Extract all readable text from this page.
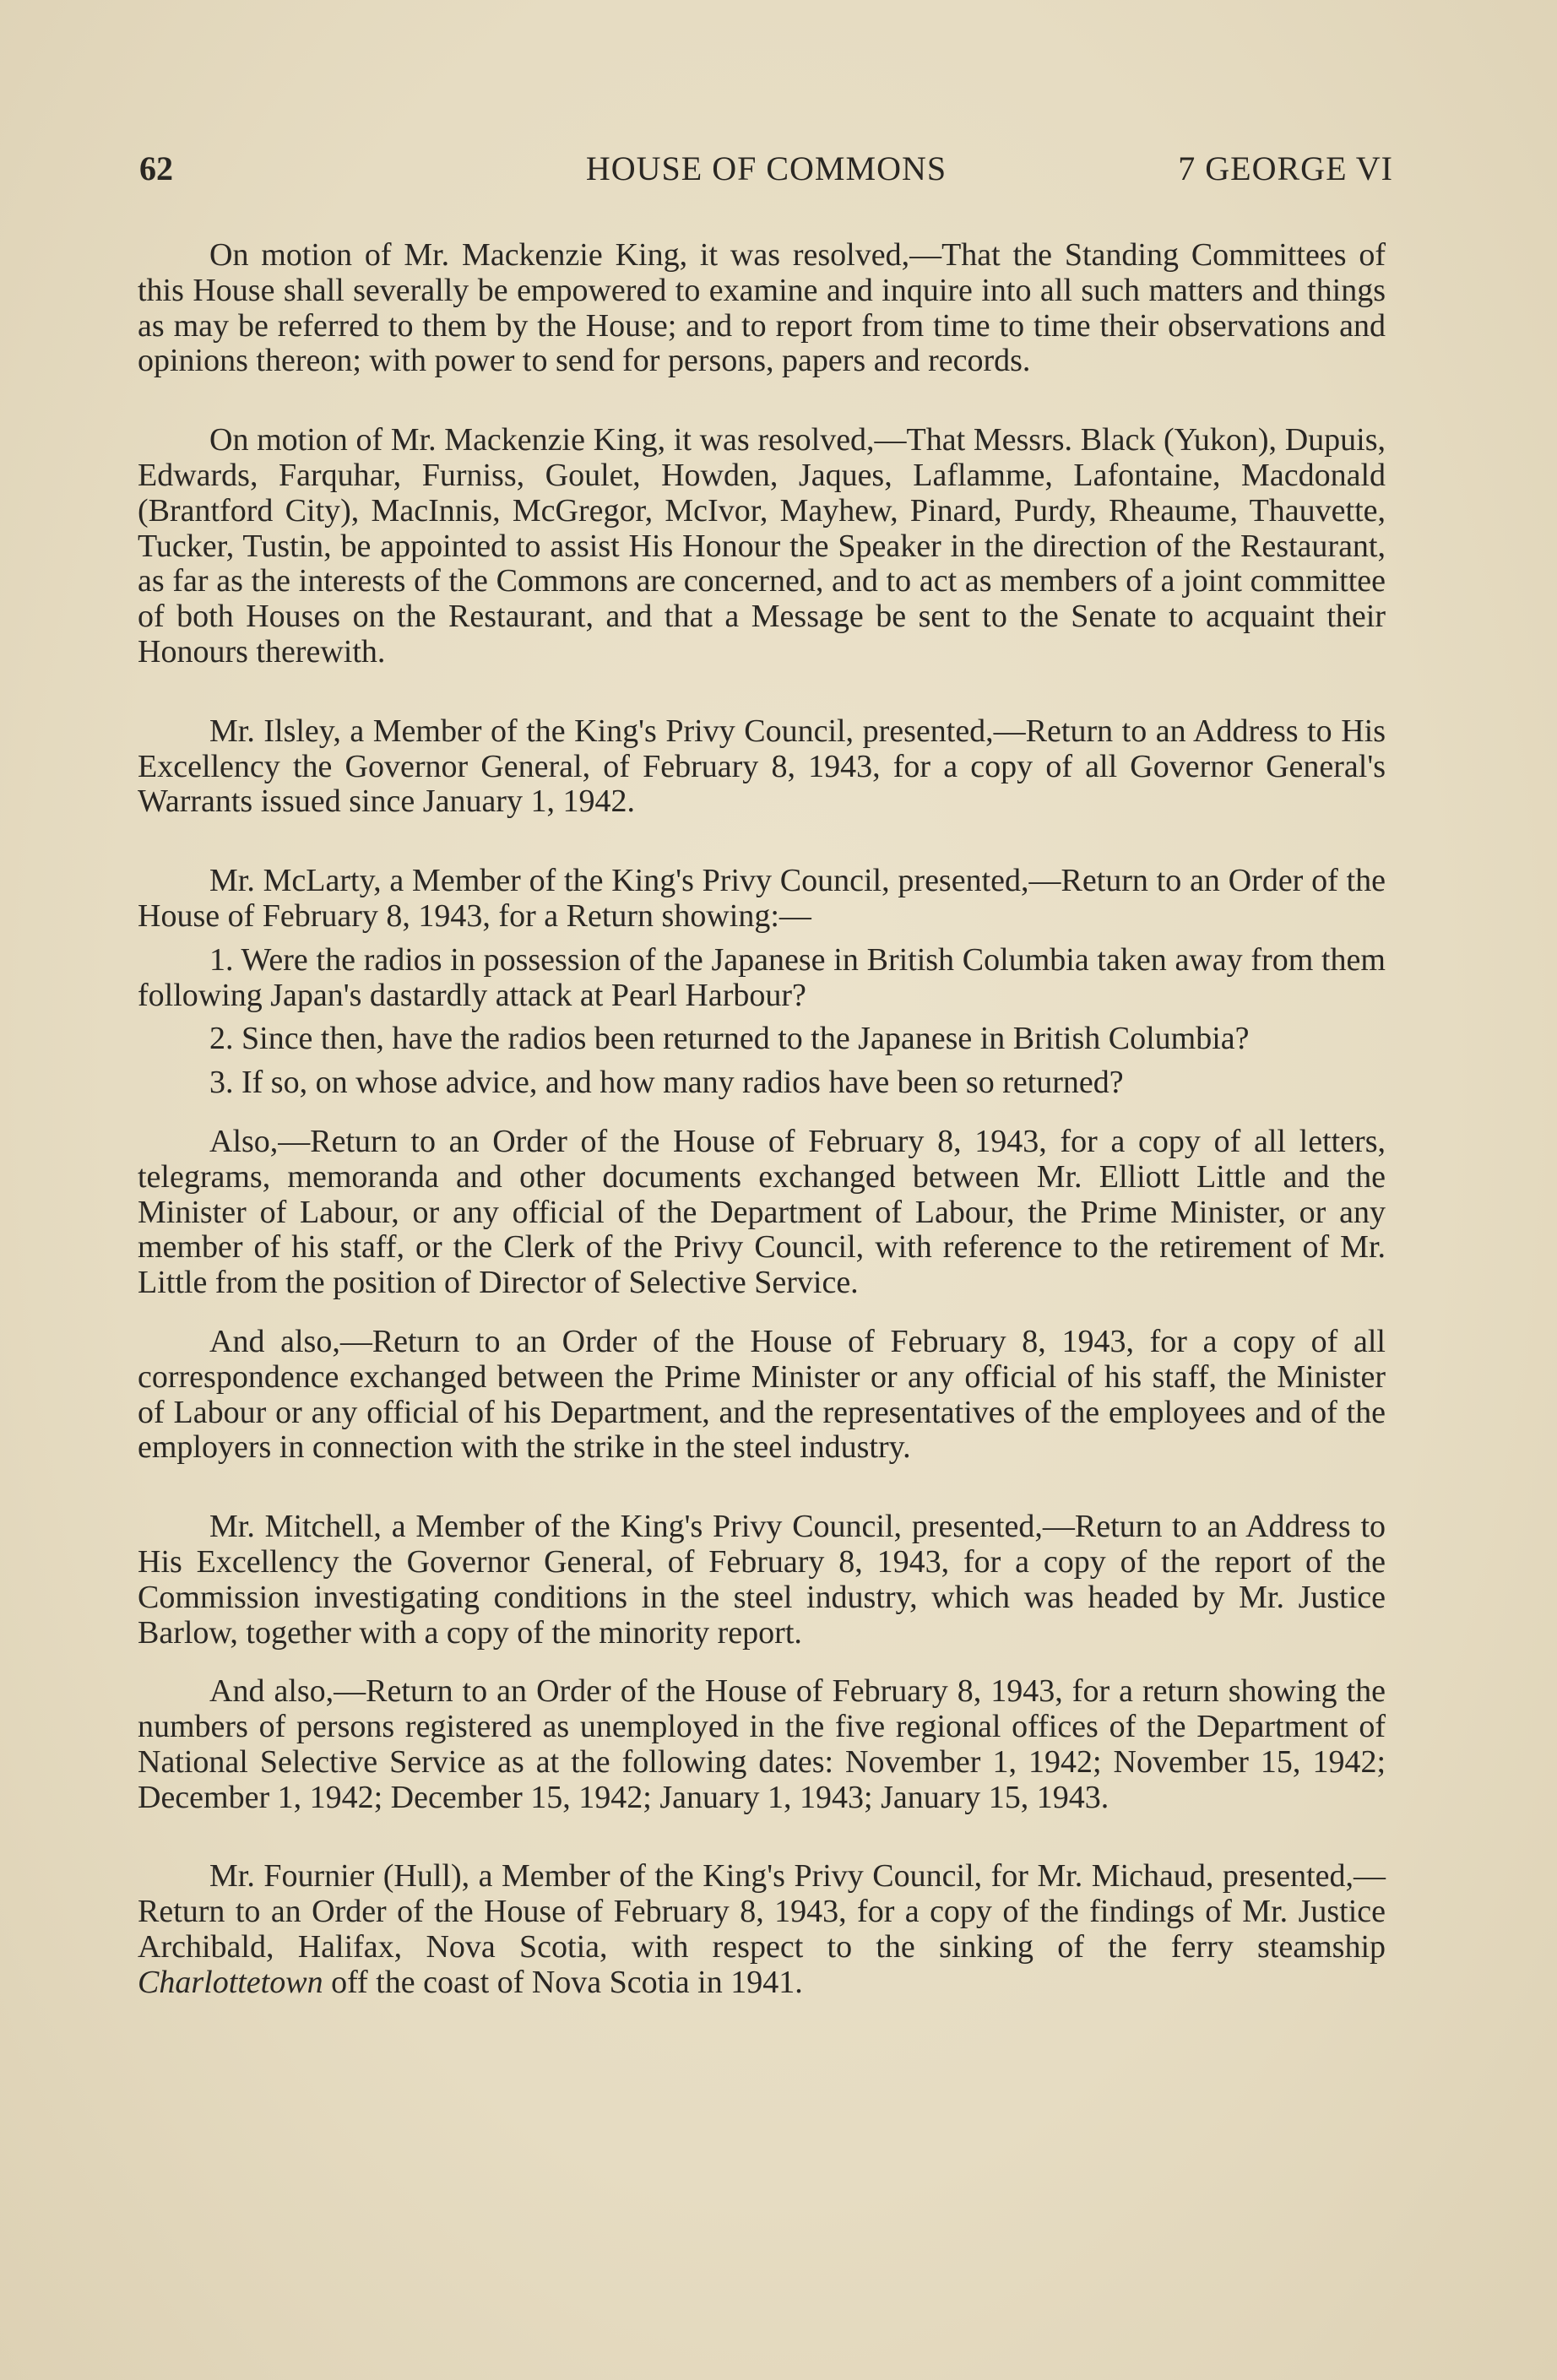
62	HOUSE OF COMMONS	7 GEORGE VI

On motion of Mr. Mackenzie King, it was resolved,—That the Standing Committees of this House shall severally be empowered to examine and inquire into all such matters and things as may be referred to them by the House; and to report from time to time their observations and opinions thereon; with power to send for persons, papers and records.

On motion of Mr. Mackenzie King, it was resolved,—That Messrs. Black (Yukon), Dupuis, Edwards, Farquhar, Furniss, Goulet, Howden, Jaques, Laflamme, Lafontaine, Macdonald (Brantford City), MacInnis, McGregor, McIvor, Mayhew, Pinard, Purdy, Rheaume, Thauvette, Tucker, Tustin, be appointed to assist His Honour the Speaker in the direction of the Restaurant, as far as the interests of the Commons are concerned, and to act as members of a joint committee of both Houses on the Restaurant, and that a Message be sent to the Senate to acquaint their Honours therewith.

Mr. Ilsley, a Member of the King's Privy Council, presented,—Return to an Address to His Excellency the Governor General, of February 8, 1943, for a copy of all Governor General's Warrants issued since January 1, 1942.

Mr. McLarty, a Member of the King's Privy Council, presented,—Return to an Order of the House of February 8, 1943, for a Return showing:—

1. Were the radios in possession of the Japanese in British Columbia taken away from them following Japan's dastardly attack at Pearl Harbour?

2. Since then, have the radios been returned to the Japanese in British Columbia?

3. If so, on whose advice, and how many radios have been so returned?

Also,—Return to an Order of the House of February 8, 1943, for a copy of all letters, telegrams, memoranda and other documents exchanged between Mr. Elliott Little and the Minister of Labour, or any official of the Department of Labour, the Prime Minister, or any member of his staff, or the Clerk of the Privy Council, with reference to the retirement of Mr. Little from the position of Director of Selective Service.

And also,—Return to an Order of the House of February 8, 1943, for a copy of all correspondence exchanged between the Prime Minister or any official of his staff, the Minister of Labour or any official of his Department, and the representatives of the employees and of the employers in connection with the strike in the steel industry.

Mr. Mitchell, a Member of the King's Privy Council, presented,—Return to an Address to His Excellency the Governor General, of February 8, 1943, for a copy of the report of the Commission investigating conditions in the steel industry, which was headed by Mr. Justice Barlow, together with a copy of the minority report.

And also,—Return to an Order of the House of February 8, 1943, for a return showing the numbers of persons registered as unemployed in the five regional offices of the Department of National Selective Service as at the following dates: November 1, 1942; November 15, 1942; December 1, 1942; December 15, 1942; January 1, 1943; January 15, 1943.

Mr. Fournier (Hull), a Member of the King's Privy Council, for Mr. Michaud, presented,—Return to an Order of the House of February 8, 1943, for a copy of the findings of Mr. Justice Archibald, Halifax, Nova Scotia, with respect to the sinking of the ferry steamship Charlottetown off the coast of Nova Scotia in 1941.
